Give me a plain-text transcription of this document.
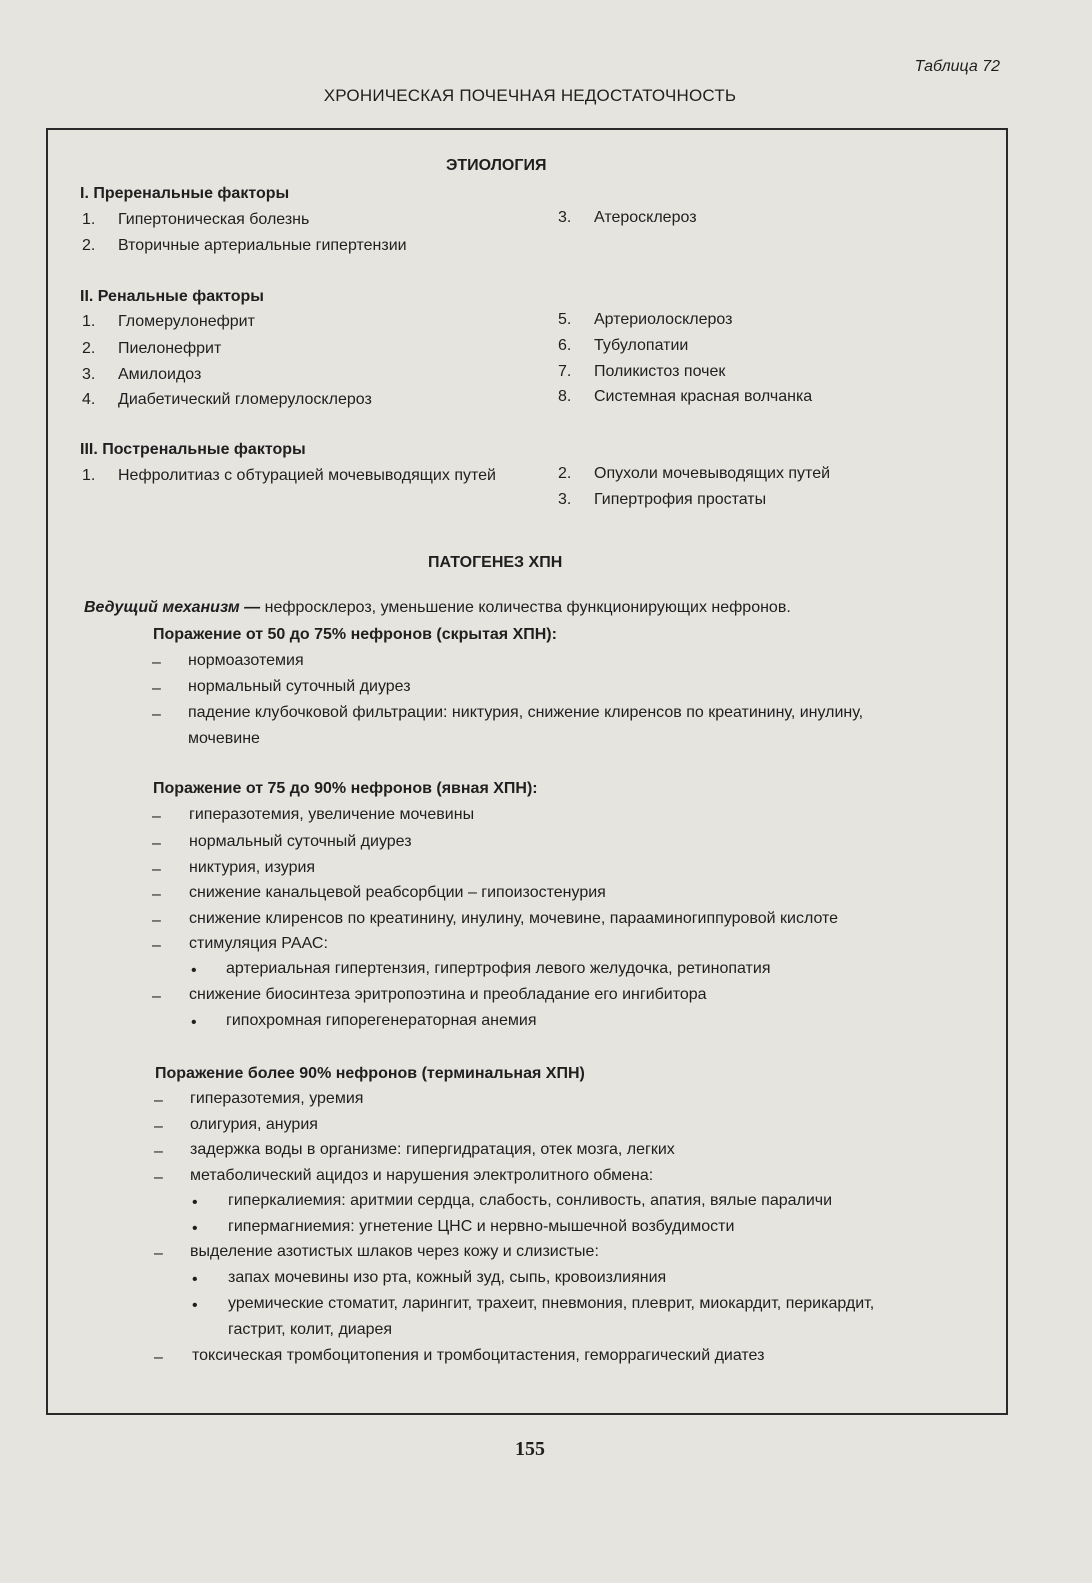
Таблица 72
ХРОНИЧЕСКАЯ ПОЧЕЧНАЯ НЕДОСТАТОЧНОСТЬ
ЭТИОЛОГИЯ
I. Преренальные факторы
1. Гипертоническая болезнь
2. Вторичные артериальные гипертензии
3. Атеросклероз
II. Ренальные факторы
1. Гломерулонефрит
2. Пиелонефрит
3. Амилоидоз
4. Диабетический гломерулосклероз
5. Артериолосклероз
6. Тубулопатии
7. Поликистоз почек
8. Системная красная волчанка
III. Постренальные факторы
1.	Нефролитиаз с обтурацией мочевыводящих путей	2. Опухоли мочевыводящих путей
3. Гипертрофия простаты
ПАТОГЕНЕЗ ХПН
Ведущий механизм — нефросклероз, уменьшение количества функционирующих нефронов.
Поражение от 50 до 75% нефронов (скрытая ХПН):
– нормоазотемия
– нормальный суточный диурез
– падение клубочковой фильтрации: никтурия, снижение клиренсов по креатинину, инулину, мочевине
Поражение от 75 до 90% нефронов (явная ХПН):
– гиперазотемия, увеличение мочевины
– нормальный суточный диурез
– никтурия, изурия
– снижение канальцевой реабсорбции – гипоизостенурия
– снижение клиренсов по креатинину, инулину, мочевине, парааминогиппуровой кислоте
– стимуляция РААС:
• артериальная гипертензия, гипертрофия левого желудочка, ретинопатия
– снижение биосинтеза эритропоэтина и преобладание его ингибитора
• гипохромная гипорегенераторная анемия
Поражение более 90% нефронов (терминальная ХПН)
– гиперазотемия, уремия
– олигурия, анурия
– задержка воды в организме: гипергидратация, отек мозга, легких
– метаболический ацидоз и нарушения электролитного обмена:
• гиперкалиемия: аритмии сердца, слабость, сонливость, апатия, вялые параличи
• гипермагниемия: угнетение ЦНС и нервно-мышечной возбудимости
– выделение азотистых шлаков через кожу и слизистые:
• запах мочевины изо рта, кожный зуд, сыпь, кровоизлияния
• уремические стоматит, ларингит, трахеит, пневмония, плеврит, миокардит, перикардит, гастрит, колит, диарея
– токсическая тромбоцитопения и тромбоцитастения, геморрагический диатез
155
